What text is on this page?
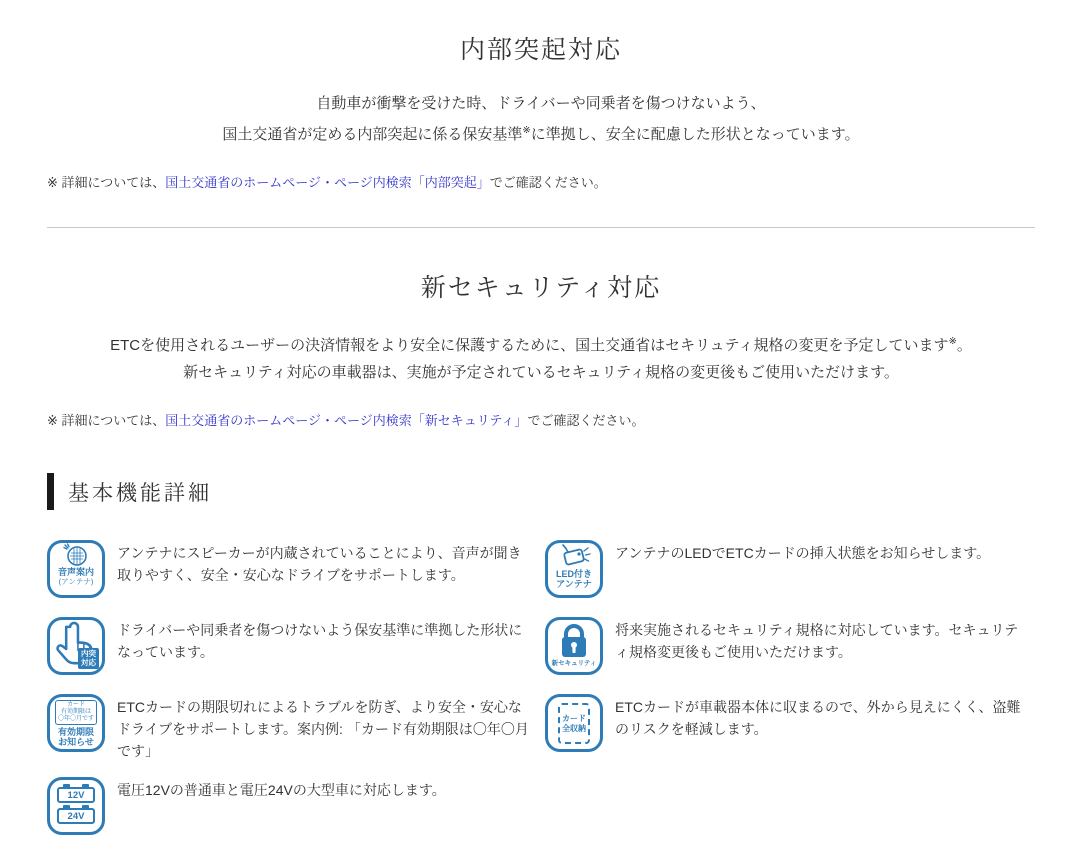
内部突起対応

自動車が衝撃を受けた時、ドライバーや同乗者を傷つけないよう、
国土交通省が定める内部突起に係る保安基準※に準拠し、安全に配慮した形状となっています。

※ 詳細については、国土交通省のホームページ・ページ内検索「内部突起」でご確認ください。

新セキュリティ対応

ETCを使用されるユーザーの決済情報をより安全に保護するために、国土交通省はセキリュティ規格の変更を予定しています※。
新セキュリティ対応の車載器は、実施が予定されているセキュリティ規格の変更後もご使用いただけます。

※ 詳細については、国土交通省のホームページ・ページ内検索「新セキュリティ」でご確認ください。

基本機能詳細
音声案内
(アンテナ)
アンテナにスピーカーが内蔵されていることにより、音声が聞き取りやすく、安全・安心なドライブをサポートします。	LED付き
アンテナ
アンテナのLEDでETCカードの挿入状態をお知らせします。
内突
対応
ドライバーや同乗者を傷つけないよう保安基準に準拠した形状になっています。
新セキュリティ
将来実施されるセキュリティ規格に対応しています。セキュリティ規格変更後もご使用いただけます。
カード
有効期限は
〇年〇月です
有効期限
お知らせ
ETCカードの期限切れによるトラブルを防ぎ、より安全・安心なドライブをサポートします。案内例: 「カード有効期限は〇年〇月です」
カード
全収納
ETCカードが車載器本体に収まるので、外から見えにくく、盗難のリスクを軽減します。
12V
24V
電圧12Vの普通車と電圧24Vの大型車に対応します。
